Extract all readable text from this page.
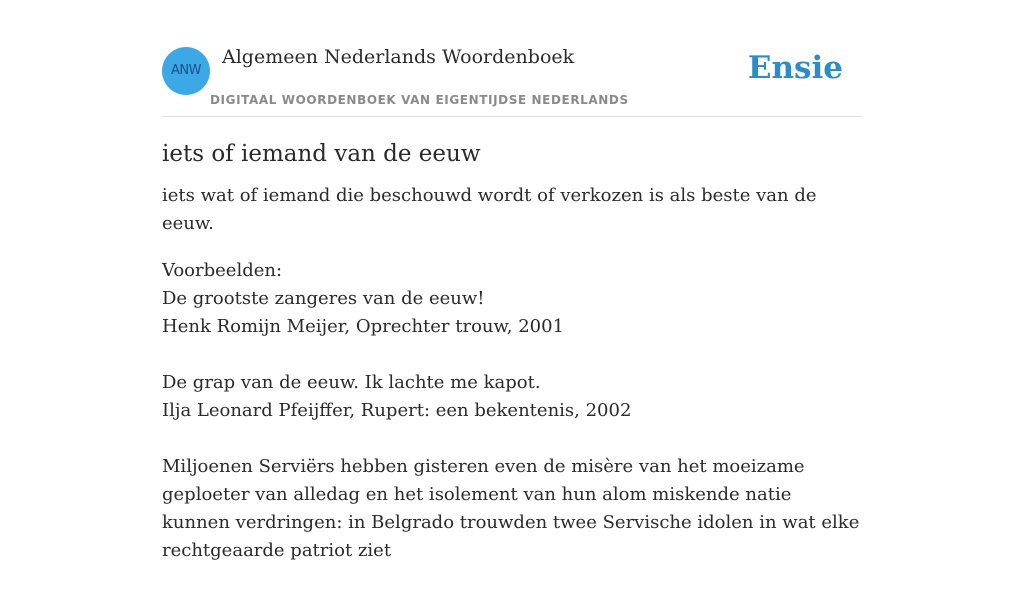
ANW
Algemeen Nederlands Woordenboek
DIGITAAL WOORDENBOEK VAN EIGENTIJDSE NEDERLANDS
Ensie
iets of iemand van de eeuw

iets wat of iemand die beschouwd wordt of verkozen is als beste van de eeuw.

Voorbeelden:
De grootste zangeres van de eeuw!
Henk Romijn Meijer, Oprechter trouw, 2001
De grap van de eeuw. Ik lachte me kapot.
Ilja Leonard Pfeijffer, Rupert: een bekentenis, 2002
Miljoenen Serviërs hebben gisteren even de misère van het moeizame geploeter van alledag en het isolement van hun alom miskende natie kunnen verdringen: in Belgrado trouwden twee Servische idolen in wat elke rechtgeaarde patriot ziet
